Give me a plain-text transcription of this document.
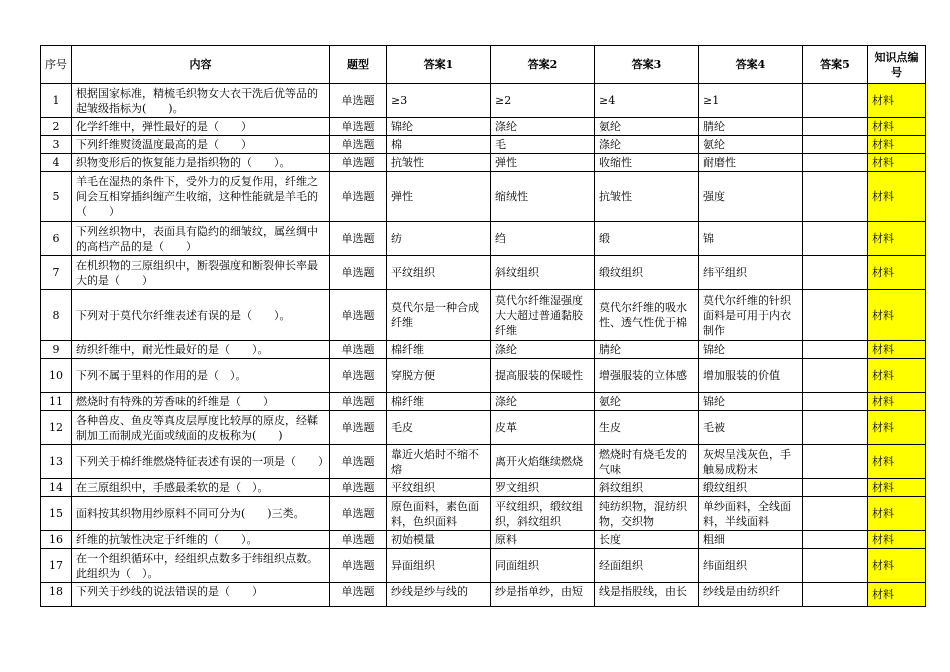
序号	内容	题型	答案1	答案2	答案3	答案4	答案5	知识点编号
1	根据国家标准，精梳毛织物女大衣干洗后优等品的起皱级指标为(　　)。	单选题	≥3	≥2	≥4	≥1		材料
2	化学纤维中，弹性最好的是（　　）	单选题	锦纶	涤纶	氨纶	腈纶		材料
3	下列纤维熨烫温度最高的是（　　）	单选题	棉	毛	涤纶	氨纶		材料
4	织物变形后的恢复能力是指织物的（　　）。	单选题	抗皱性	弹性	收缩性	耐磨性		材料
5	羊毛在湿热的条件下，受外力的反复作用，纤维之间会互相穿插纠缠产生收缩，这种性能就是羊毛的（　　）	单选题	弹性	缩绒性	抗皱性	强度		材料
6	下列丝织物中，表面具有隐约的细皱纹，属丝绸中的高档产品的是（　　）	单选题	纺	绉	缎	锦		材料
7	在机织物的三原组织中，断裂强度和断裂伸长率最大的是（　　）	单选题	平纹组织	斜纹组织	缎纹组织	纬平组织		材料
8	下列对于莫代尔纤维表述有误的是（　　）。	单选题	莫代尔是一种合成纤维	莫代尔纤维湿强度大大超过普通黏胶纤维	莫代尔纤维的吸水性、透气性优于棉	莫代尔纤维的针织面料是可用于内衣制作		材料
9	纺织纤维中，耐光性最好的是（　　）。	单选题	棉纤维	涤纶	腈纶	锦纶		材料
10	下列不属于里料的作用的是（　）。	单选题	穿脱方便	提高服装的保暖性	增强服装的立体感	增加服装的价值		材料
11	燃烧时有特殊的芳香味的纤维是（　　）	单选题	棉纤维	涤纶	氨纶	锦纶		材料
12	各种兽皮、鱼皮等真皮层厚度比较厚的原皮，经鞣制加工而制成光面或绒面的皮板称为(　　)	单选题	毛皮	皮革	生皮	毛被		材料
13	下列关于棉纤维燃烧特征表述有误的一项是（　　）	单选题	靠近火焰时不缩不熔	离开火焰继续燃烧	燃烧时有烧毛发的气味	灰烬呈浅灰色，手触易成粉末		材料
14	在三原组织中，手感最柔软的是（　）。	单选题	平纹组织	罗文组织	斜纹组织	缎纹组织		材料
15	面料按其织物用纱原料不同可分为(　　)三类。	单选题	原色面料，素色面料，色织面料	平纹组织，缎纹组织，斜纹组织	纯纺织物，混纺织物，交织物	单纱面料，全线面料，半线面料		材料
16	纤维的抗皱性决定于纤维的（　　）。	单选题	初始模量	原料	长度	粗细		材料
17	在一个组织循环中，经组织点数多于纬组织点数。此组织为（　）。	单选题	异面组织	同面组织	经面组织	纬面组织		材料
18	下列关于纱线的说法错误的是（　　）	单选题	纱线是纱与线的	纱是指单纱，由短	线是指股线，由长	纱线是由纺织纤		材料
